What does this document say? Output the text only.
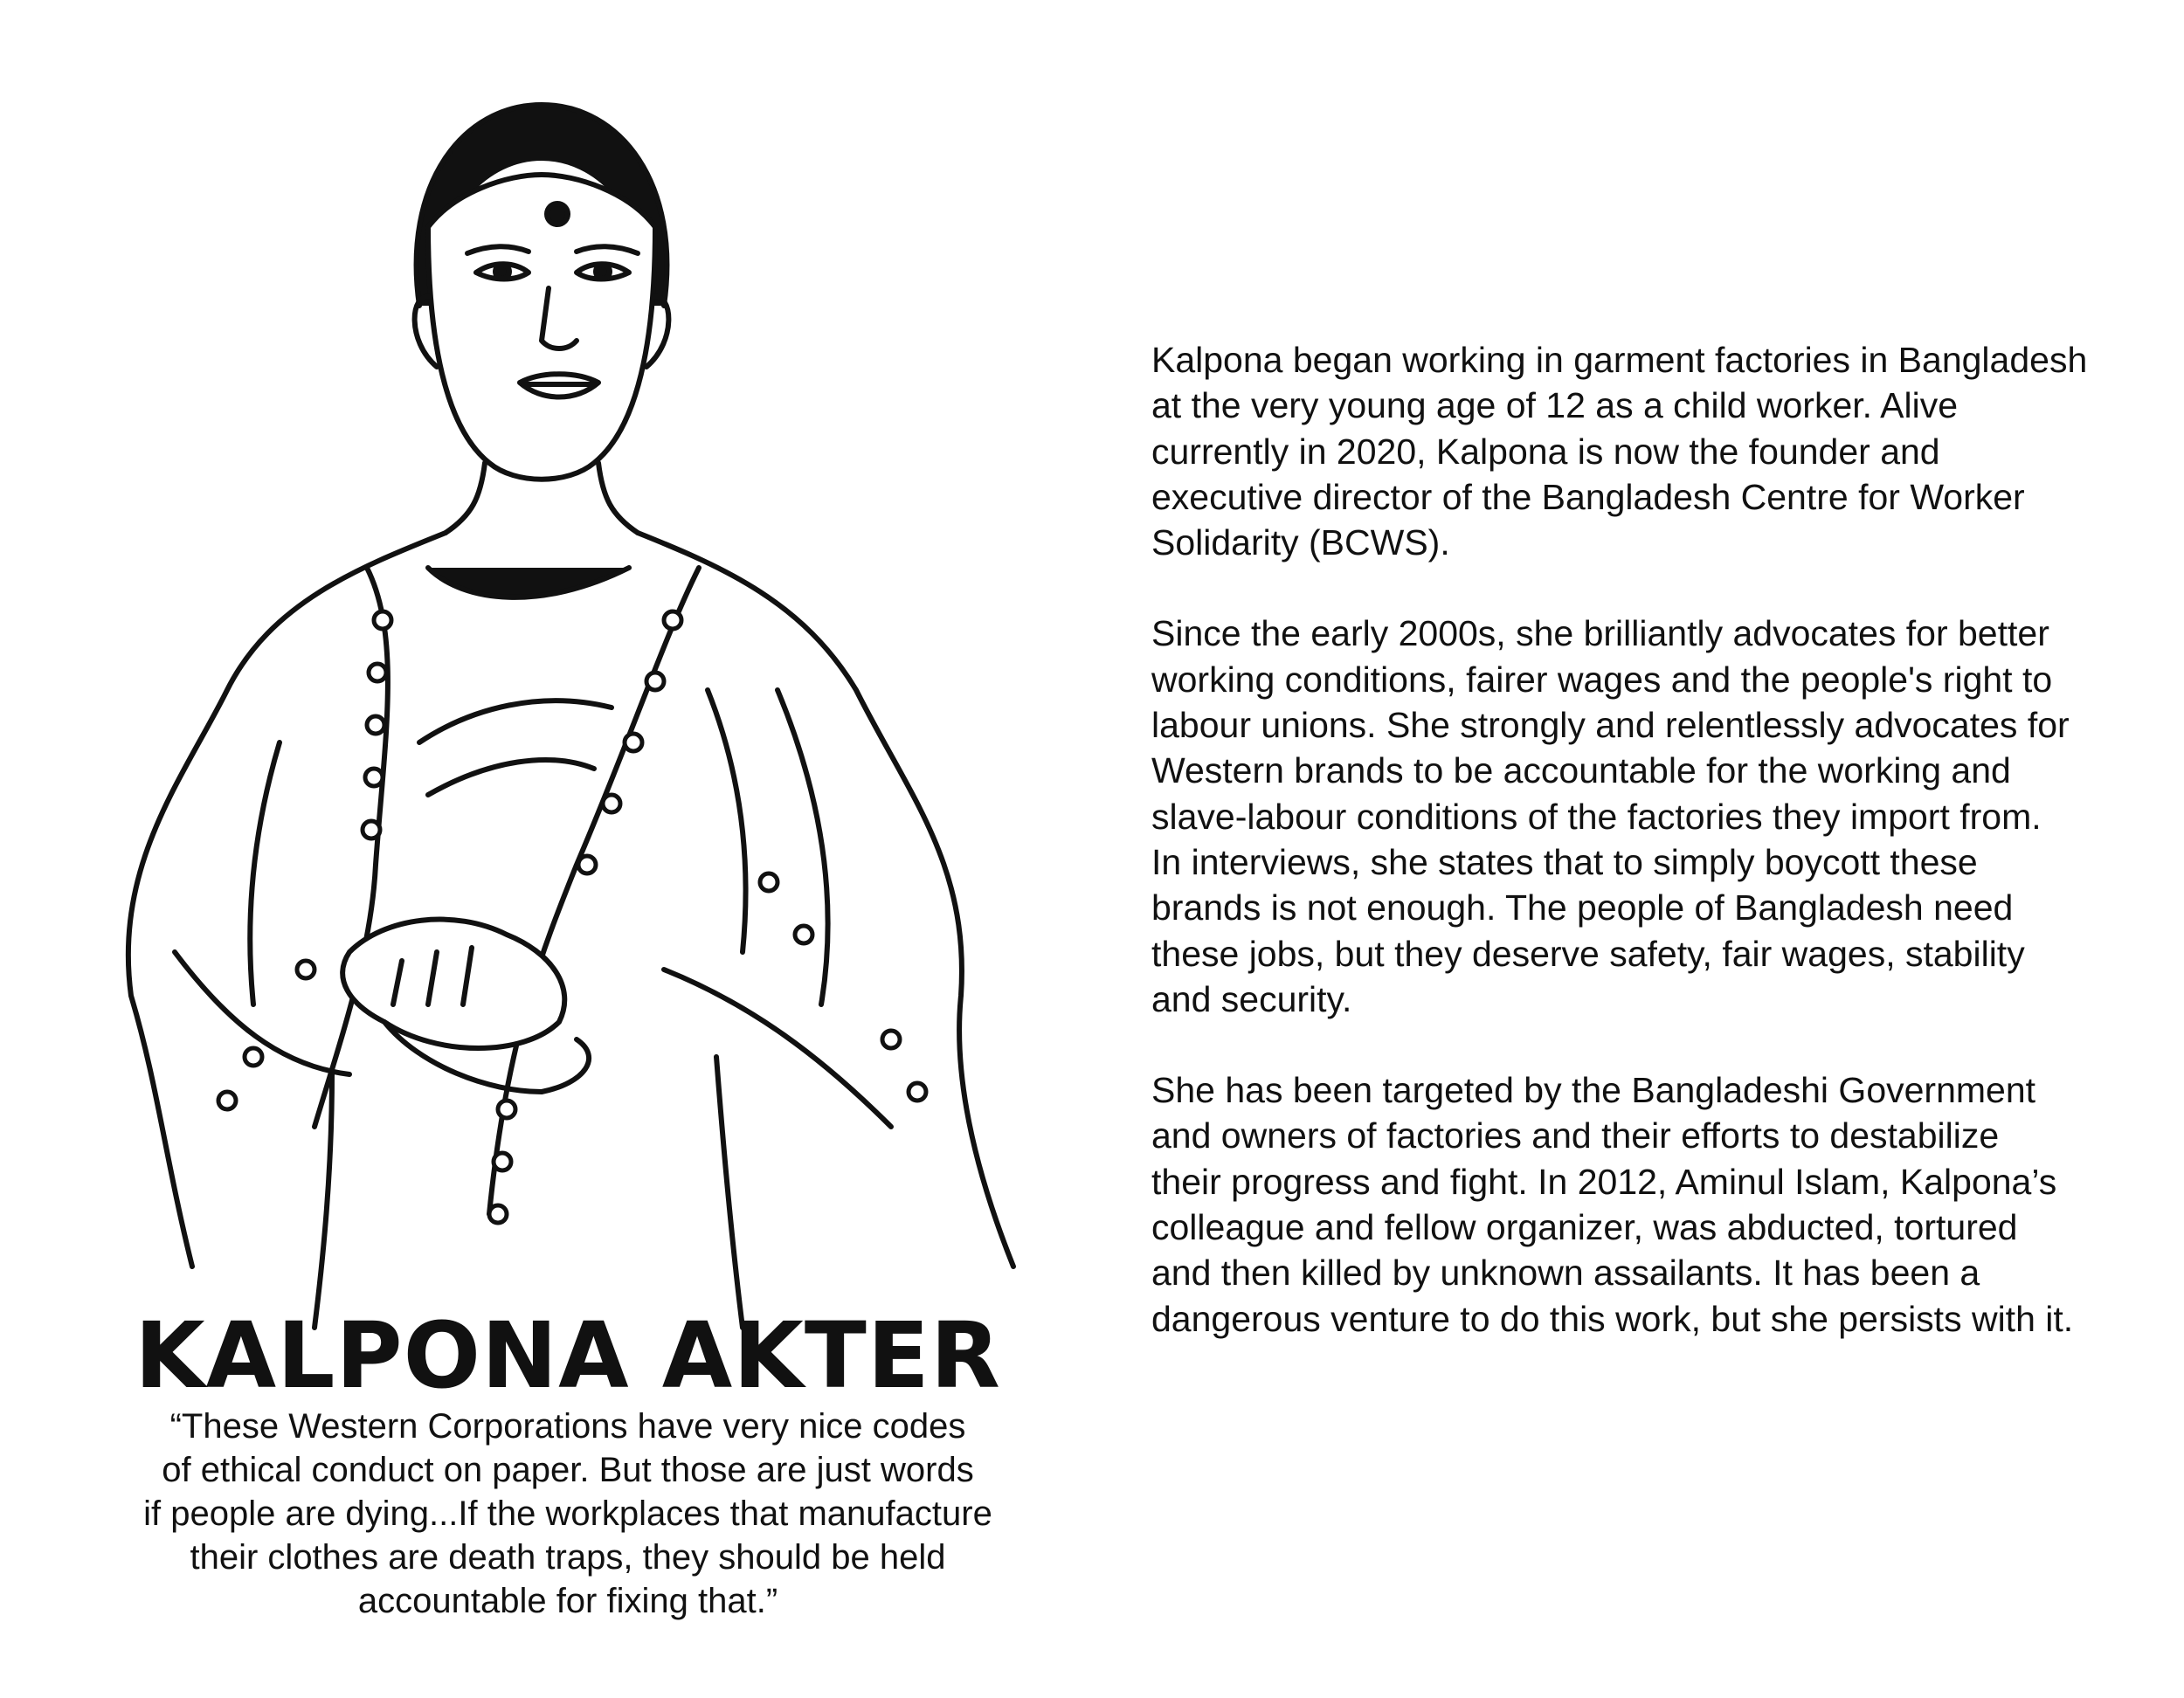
KALPONA AKTER
“These Western Corporations have very nice codes
of ethical conduct on paper. But those are just words
if people are dying...If the workplaces that manufacture
their clothes are death traps, they should be held
accountable for fixing that.”

Kalpona began working in garment factories in Bangladesh
at the very young age of 12 as a child worker. Alive
currently in 2020, Kalpona is now the founder and
executive director of the Bangladesh Centre for Worker
Solidarity (BCWS).

Since the early 2000s, she brilliantly advocates for better
working conditions, fairer wages and the people's right to
labour unions. She strongly and relentlessly advocates for
Western brands to be accountable for the working and
slave-labour conditions of the factories they import from.
In interviews, she states that to simply boycott these
brands is not enough. The people of Bangladesh need
these jobs, but they deserve safety, fair wages, stability
and security.

She has been targeted by the Bangladeshi Government
and owners of factories and their efforts to destabilize
their progress and fight. In 2012, Aminul Islam, Kalpona’s
colleague and fellow organizer, was abducted, tortured
and then killed by unknown assailants. It has been a
dangerous venture to do this work, but she persists with it.
